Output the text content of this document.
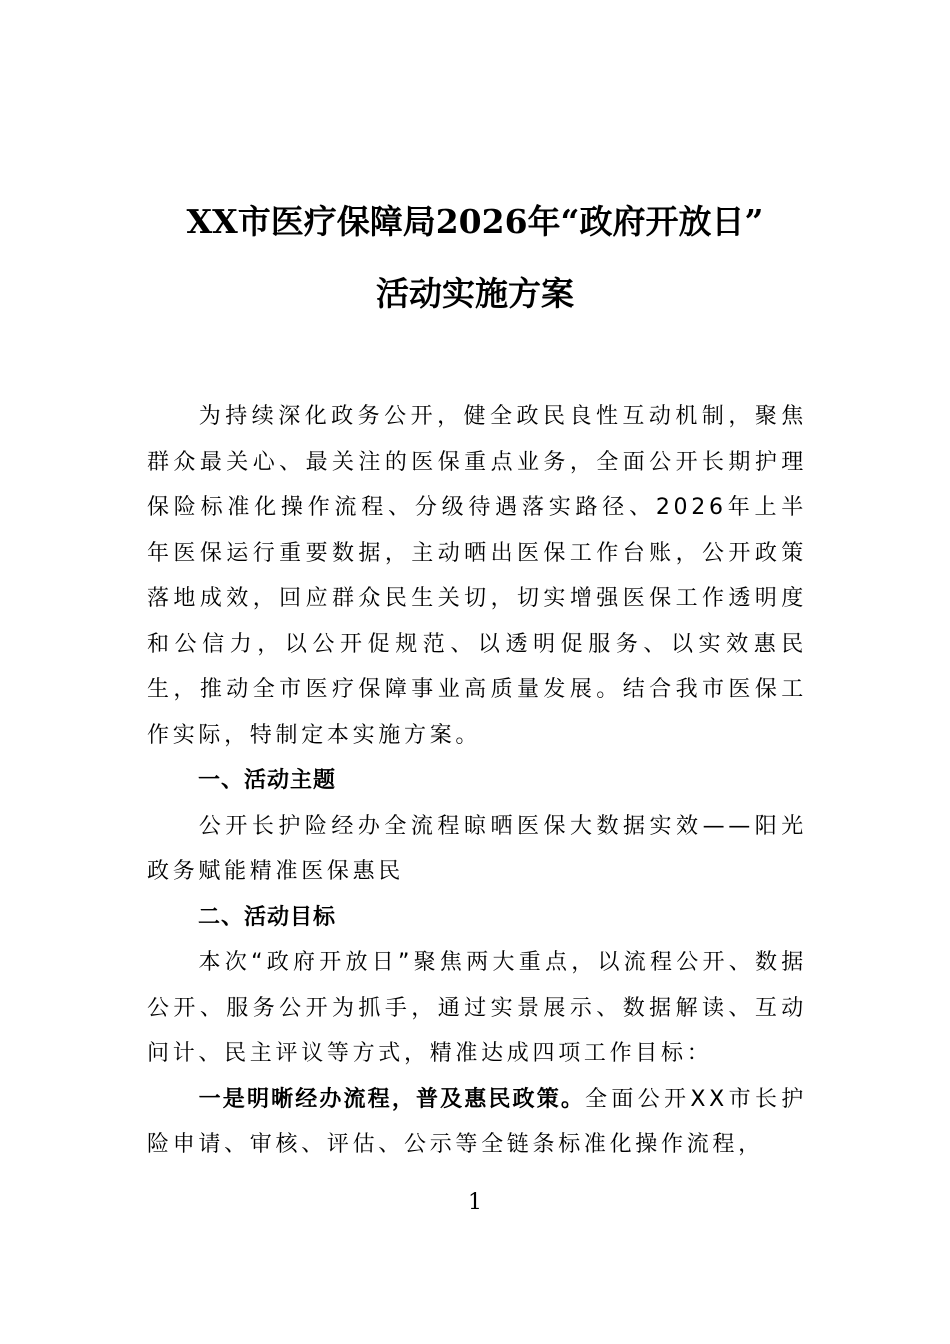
XX市医疗保障局2026年“政府开放日”
活动实施方案

为持续深化政务公开，健全政民良性互动机制，聚焦群众最关心、最关注的医保重点业务，全面公开长期护理保险标准化操作流程、分级待遇落实路径、2026年上半年医保运行重要数据，主动晒出医保工作台账，公开政策落地成效，回应群众民生关切，切实增强医保工作透明度和公信力，以公开促规范、以透明促服务、以实效惠民生，推动全市医疗保障事业高质量发展。结合我市医保工作实际，特制定本实施方案。

一、活动主题

公开长护险经办全流程晾晒医保大数据实效——阳光政务赋能精准医保惠民

二、活动目标

本次“政府开放日”聚焦两大重点，以流程公开、数据公开、服务公开为抓手，通过实景展示、数据解读、互动问计、民主评议等方式，精准达成四项工作目标：

一是明晰经办流程，普及惠民政策。全面公开XX市长护险申请、审核、评估、公示等全链条标准化操作流程，

1
